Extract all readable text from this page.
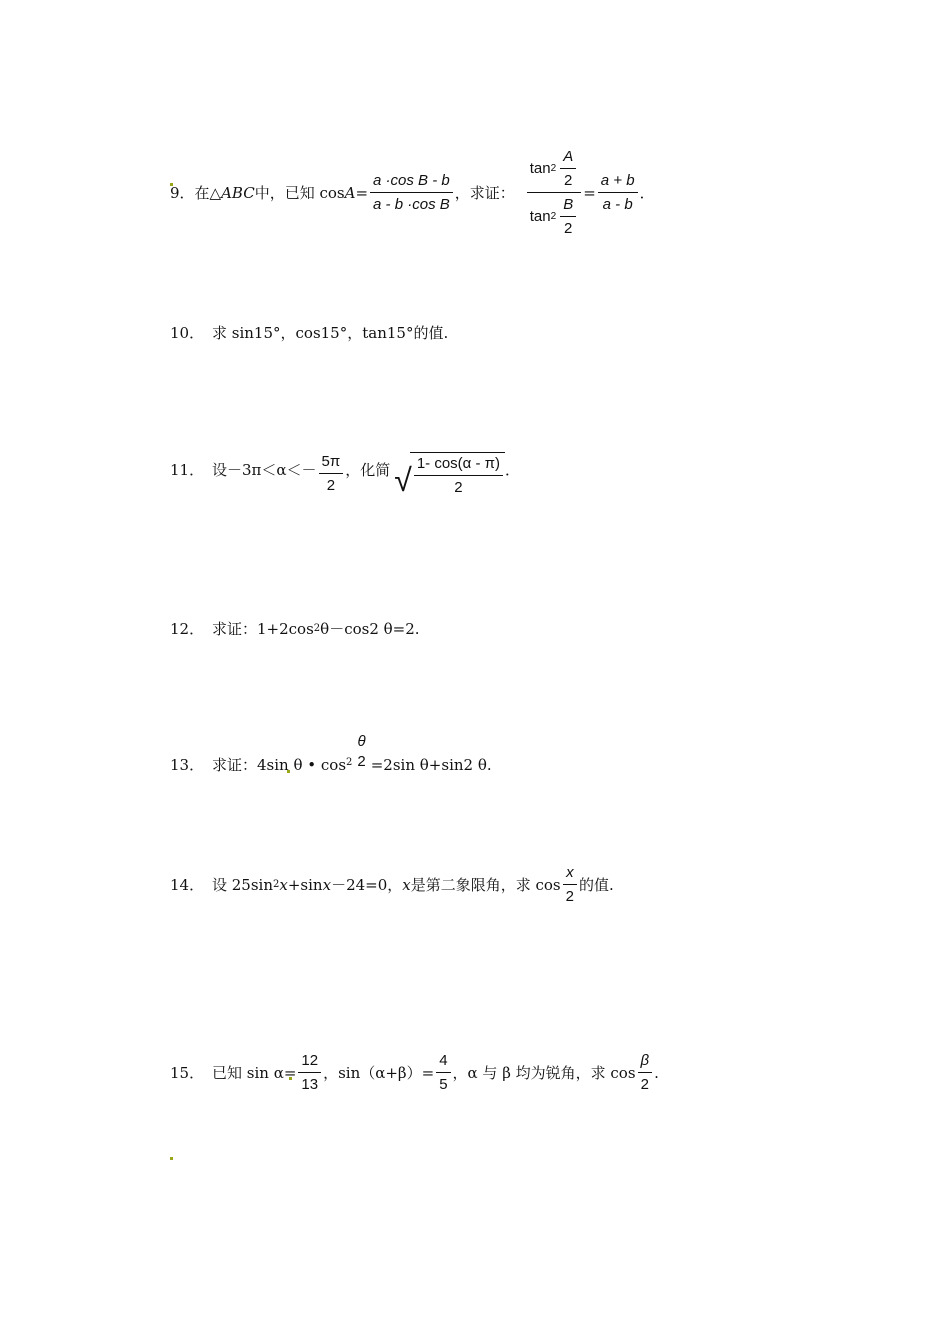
9． 在△ ABC 中，已知 $\cos A = \frac{\text{a ·cos B - b}}{\text{a - b ·cos B}}$ ，求证： $\frac{\tan 2 \frac{A}{2}}{\tan 2 \frac{B}{2}} = \frac{a + b}{a - b}$ ．
10． 求 sin15°，cos15°，tan15°的值.
11． 设$-3\pi<\alpha<- \frac{5\pi}{2}$ ，化简 √ $\frac{1- \cos(\alpha - \pi)}{2}$ ．
12． 求证：1+2cos 2 θ－cos2 θ=2.
13． 求证：4sin θ • cos 2
θ
2 =2sin θ+sin2 θ.
14． 设 25sin 2 x +sin x －24=0， x 是第二象限角，求 $\cos \frac{x}{2}$ 的值.
15． 已知 $\sin \alpha= \frac{12}{13}$ ，$\sin(\alpha+\beta)= \frac{4}{5}$ ，α 与 β 均为锐角，求 $\cos \frac{\beta}{2}$ .
